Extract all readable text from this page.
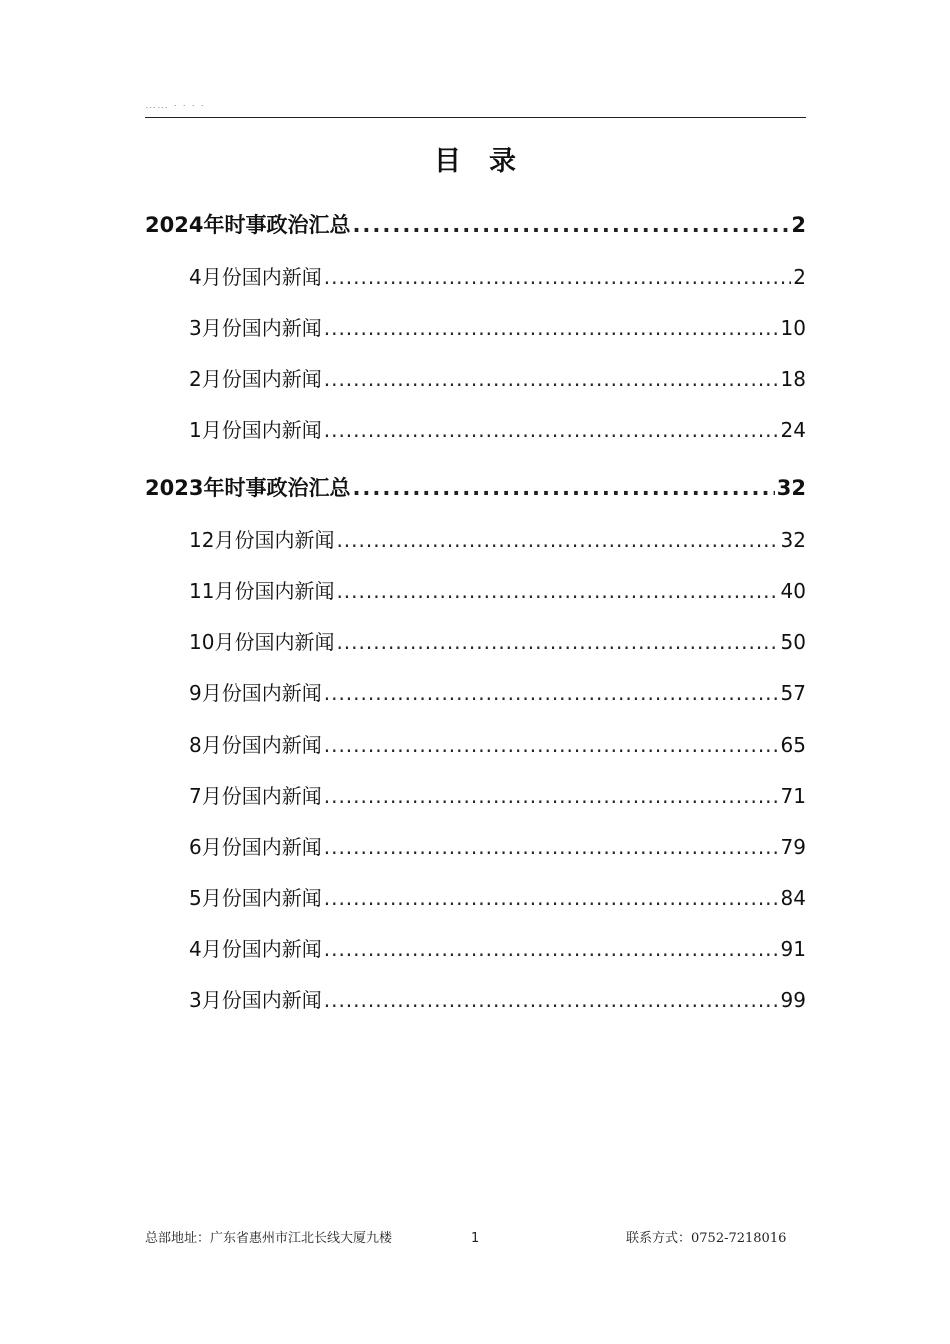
…… · · · ·
目录
2024年时事政治汇总 .....	2
4月份国内新闻 .....	2
3月份国内新闻 .....	10
2月份国内新闻 .....	18
1月份国内新闻 .....	24
2023年时事政治汇总 .....	32
12月份国内新闻 .....	32
11月份国内新闻 .....	40
10月份国内新闻 .....	50
9月份国内新闻 .....	57
8月份国内新闻 .....	65
7月份国内新闻 .....	71
6月份国内新闻 .....	79
5月份国内新闻 .....	84
4月份国内新闻 .....	91
3月份国内新闻 .....	99
总部地址：广东省惠州市江北长线大厦九楼	1	联系方式：0752-7218016
